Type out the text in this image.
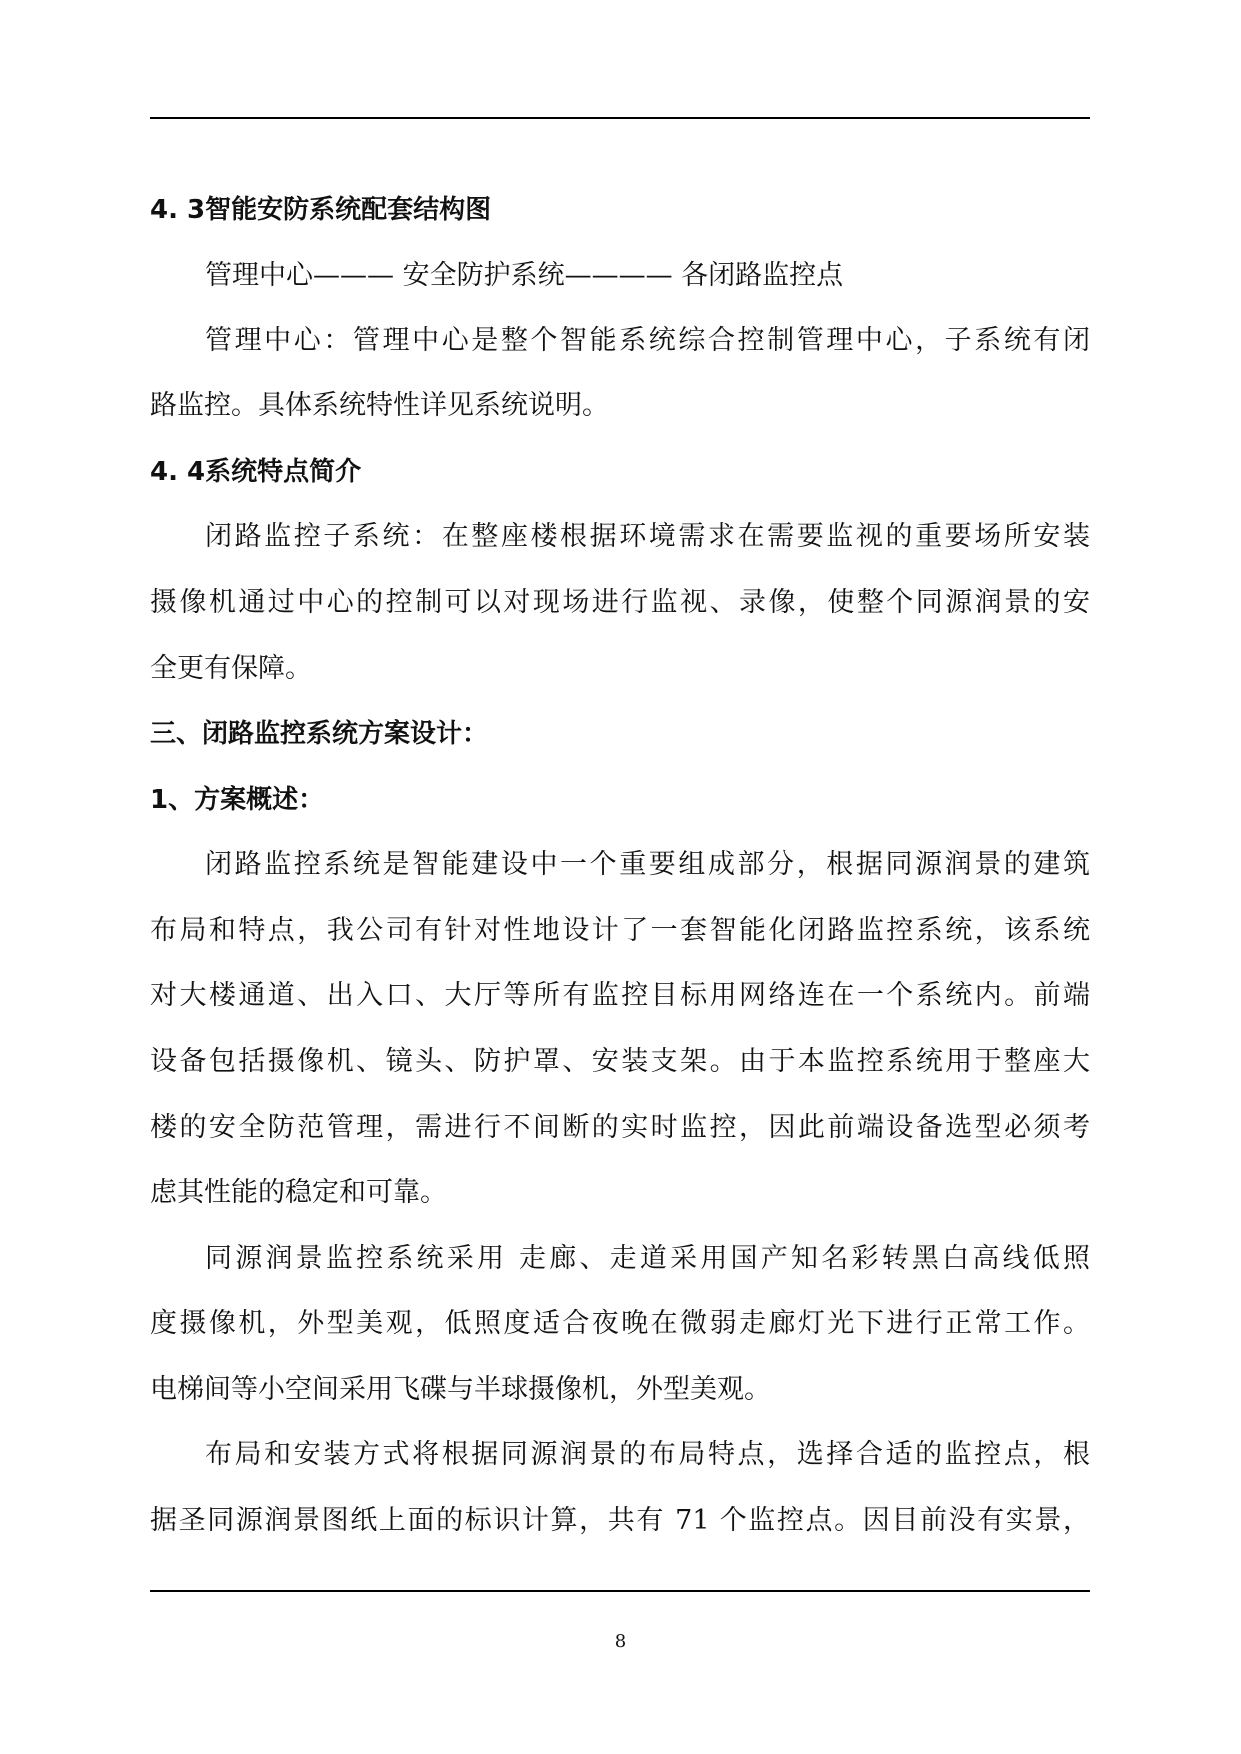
4. 3智能安防系统配套结构图
管理中心——— 安全防护系统———— 各闭路监控点
管理中心：管理中心是整个智能系统综合控制管理中心，子系统有闭
路监控。具体系统特性详见系统说明。
4. 4系统特点简介
闭路监控子系统：在整座楼根据环境需求在需要监视的重要场所安装
摄像机通过中心的控制可以对现场进行监视、录像，使整个同源润景的安
全更有保障。
三、闭路监控系统方案设计：
1、方案概述：
闭路监控系统是智能建设中一个重要组成部分，根据同源润景的建筑
布局和特点，我公司有针对性地设计了一套智能化闭路监控系统，该系统
对大楼通道、出入口、大厅等所有监控目标用网络连在一个系统内。前端
设备包括摄像机、镜头、防护罩、安装支架。由于本监控系统用于整座大
楼的安全防范管理，需进行不间断的实时监控，因此前端设备选型必须考
虑其性能的稳定和可靠。
同源润景监控系统采用 走廊、走道采用国产知名彩转黑白高线低照
度摄像机，外型美观，低照度适合夜晚在微弱走廊灯光下进行正常工作。
电梯间等小空间采用飞碟与半球摄像机，外型美观。
布局和安装方式将根据同源润景的布局特点，选择合适的监控点，根
据圣同源润景图纸上面的标识计算，共有 71 个监控点。因目前没有实景，
8
